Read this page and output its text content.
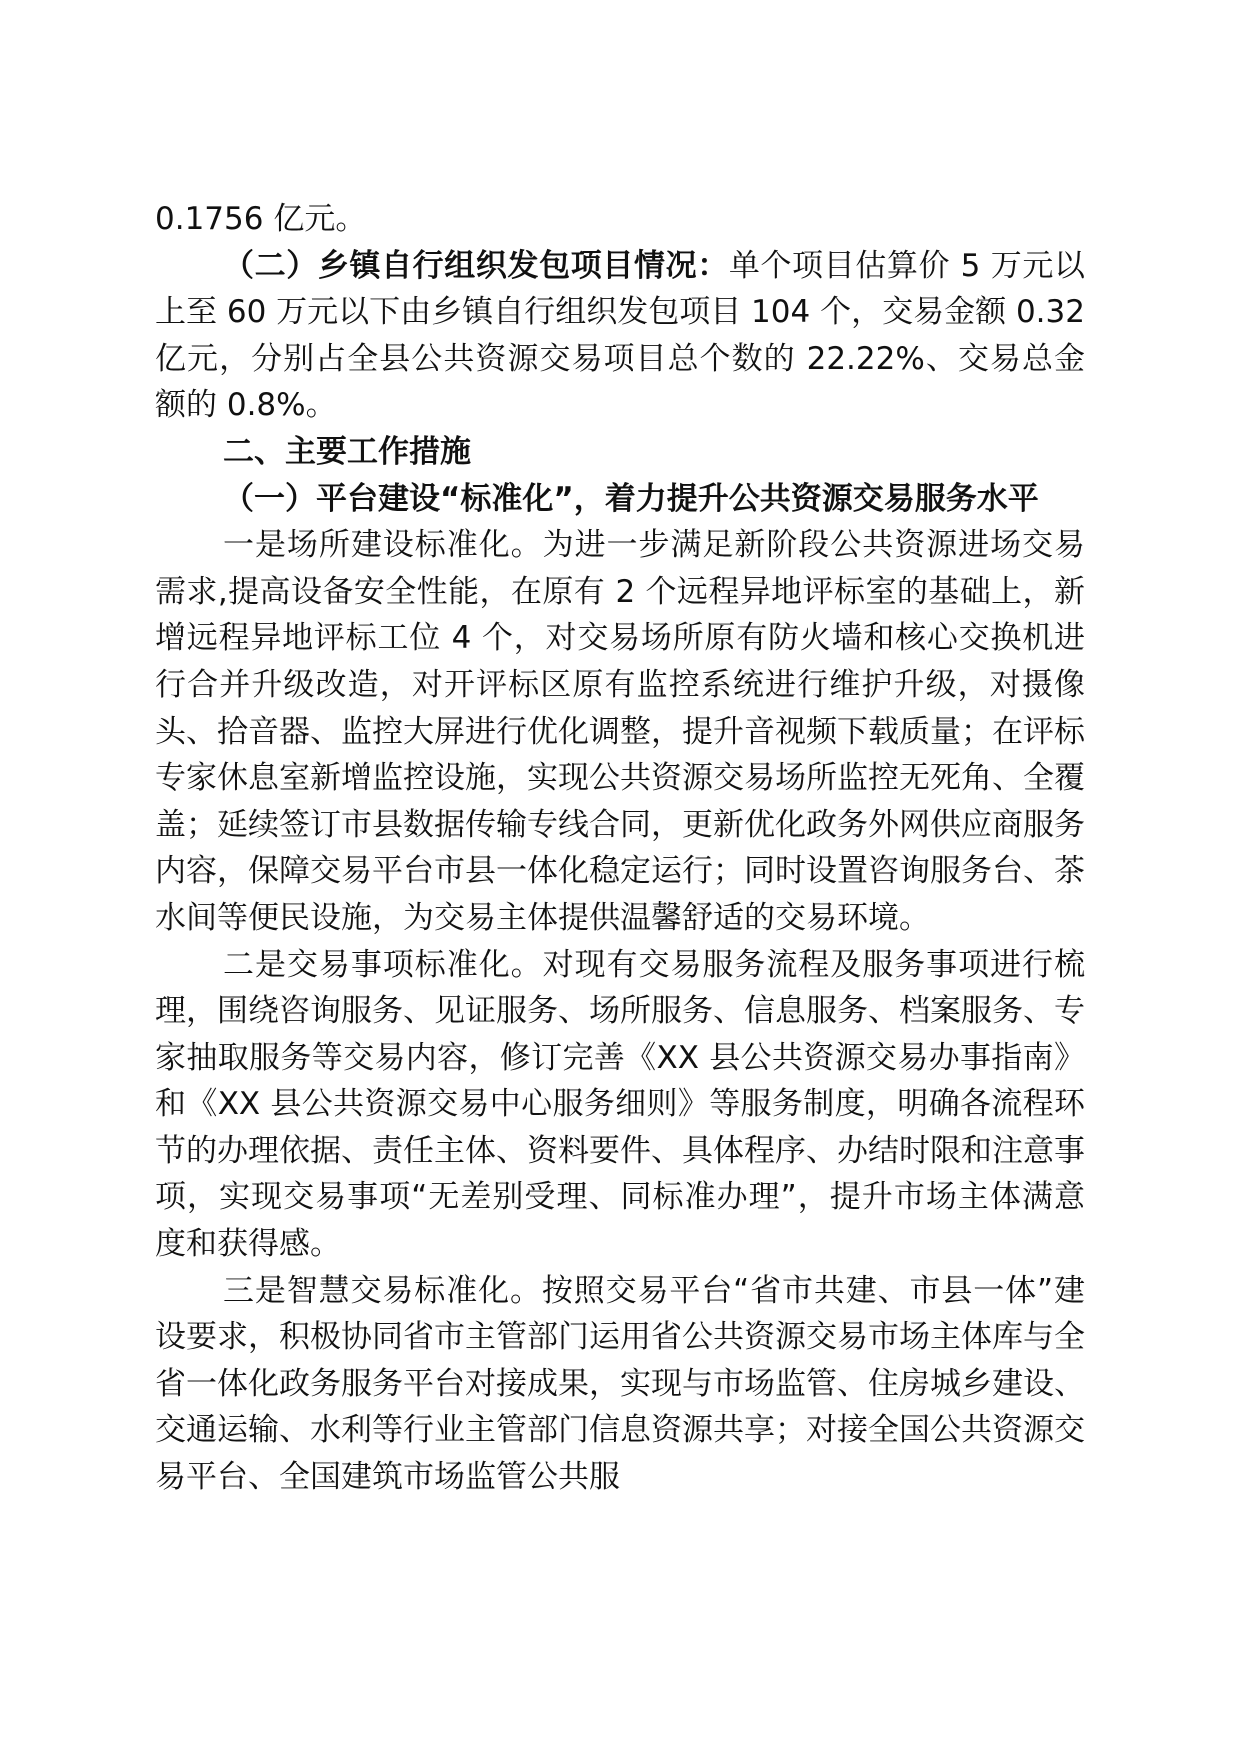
0.1756 亿元。

（二）乡镇自行组织发包项目情况：单个项目估算价 5 万元以上至 60 万元以下由乡镇自行组织发包项目 104 个，交易金额 0.32 亿元，分别占全县公共资源交易项目总个数的 22.22%、交易总金额的 0.8%。

二、主要工作措施

（一）平台建设“标准化”，着力提升公共资源交易服务水平

一是场所建设标准化。为进一步满足新阶段公共资源进场交易需求,提高设备安全性能，在原有 2 个远程异地评标室的基础上，新增远程异地评标工位 4 个，对交易场所原有防火墙和核心交换机进行合并升级改造，对开评标区原有监控系统进行维护升级，对摄像头、拾音器、监控大屏进行优化调整，提升音视频下载质量；在评标专家休息室新增监控设施，实现公共资源交易场所监控无死角、全覆盖；延续签订市县数据传输专线合同，更新优化政务外网供应商服务内容，保障交易平台市县一体化稳定运行；同时设置咨询服务台、茶水间等便民设施，为交易主体提供温馨舒适的交易环境。

二是交易事项标准化。对现有交易服务流程及服务事项进行梳理，围绕咨询服务、见证服务、场所服务、信息服务、档案服务、专家抽取服务等交易内容，修订完善《XX 县公共资源交易办事指南》和《XX 县公共资源交易中心服务细则》等服务制度，明确各流程环节的办理依据、责任主体、资料要件、具体程序、办结时限和注意事项，实现交易事项“无差别受理、同标准办理”，提升市场主体满意度和获得感。

三是智慧交易标准化。按照交易平台“省市共建、市县一体”建设要求，积极协同省市主管部门运用省公共资源交易市场主体库与全省一体化政务服务平台对接成果，实现与市场监管、住房城乡建设、交通运输、水利等行业主管部门信息资源共享；对接全国公共资源交易平台、全国建筑市场监管公共服
